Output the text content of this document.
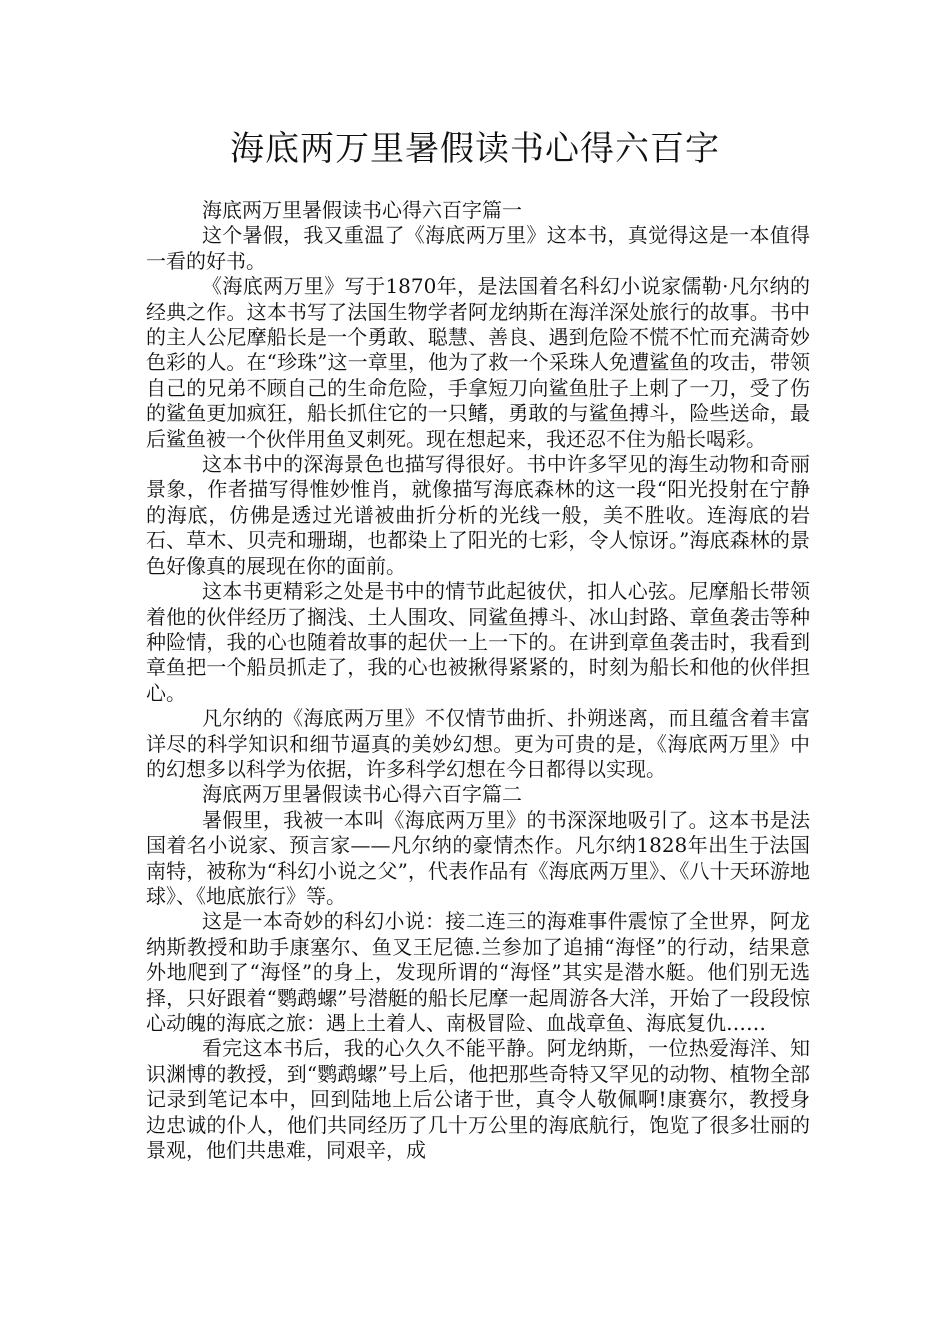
海底两万里暑假读书心得六百字

海底两万里暑假读书心得六百字篇一

这个暑假，我又重温了《海底两万里》这本书，真觉得这是一本值得一看的好书。

《海底两万里》写于1870年，是法国着名科幻小说家儒勒·凡尔纳的经典之作。这本书写了法国生物学者阿龙纳斯在海洋深处旅行的故事。书中的主人公尼摩船长是一个勇敢、聪慧、善良、遇到危险不慌不忙而充满奇妙色彩的人。在“珍珠”这一章里，他为了救一个采珠人免遭鲨鱼的攻击，带领自己的兄弟不顾自己的生命危险，手拿短刀向鲨鱼肚子上刺了一刀，受了伤的鲨鱼更加疯狂，船长抓住它的一只鳍，勇敢的与鲨鱼搏斗，险些送命，最后鲨鱼被一个伙伴用鱼叉刺死。现在想起来，我还忍不住为船长喝彩。

这本书中的深海景色也描写得很好。书中许多罕见的海生动物和奇丽景象，作者描写得惟妙惟肖，就像描写海底森林的这一段“阳光投射在宁静的海底，仿佛是透过光谱被曲折分析的光线一般，美不胜收。连海底的岩石、草木、贝壳和珊瑚，也都染上了阳光的七彩，令人惊讶。”海底森林的景色好像真的展现在你的面前。

这本书更精彩之处是书中的情节此起彼伏，扣人心弦。尼摩船长带领着他的伙伴经历了搁浅、土人围攻、同鲨鱼搏斗、冰山封路、章鱼袭击等种种险情，我的心也随着故事的起伏一上一下的。在讲到章鱼袭击时，我看到章鱼把一个船员抓走了，我的心也被揪得紧紧的，时刻为船长和他的伙伴担心。

凡尔纳的《海底两万里》不仅情节曲折、扑朔迷离，而且蕴含着丰富详尽的科学知识和细节逼真的美妙幻想。更为可贵的是，《海底两万里》中的幻想多以科学为依据，许多科学幻想在今日都得以实现。

海底两万里暑假读书心得六百字篇二

暑假里，我被一本叫《海底两万里》的书深深地吸引了。这本书是法国着名小说家、预言家——凡尔纳的豪情杰作。凡尔纳1828年出生于法国南特，被称为“科幻小说之父”，代表作品有《海底两万里》、《八十天环游地球》、《地底旅行》等。

这是一本奇妙的科幻小说：接二连三的海难事件震惊了全世界，阿龙纳斯教授和助手康塞尔、鱼叉王尼德.兰参加了追捕“海怪”的行动，结果意外地爬到了“海怪”的身上，发现所谓的“海怪”其实是潜水艇。他们别无选择，只好跟着“鹦鹉螺”号潜艇的船长尼摩一起周游各大洋，开始了一段段惊心动魄的海底之旅：遇上土着人、南极冒险、血战章鱼、海底复仇……

看完这本书后，我的心久久不能平静。阿龙纳斯，一位热爱海洋、知识渊博的教授，到“鹦鹉螺”号上后，他把那些奇特又罕见的动物、植物全部记录到笔记本中，回到陆地上后公诸于世，真令人敬佩啊!康赛尔，教授身边忠诚的仆人，他们共同经历了几十万公里的海底航行，饱览了很多壮丽的景观，他们共患难，同艰辛，成
